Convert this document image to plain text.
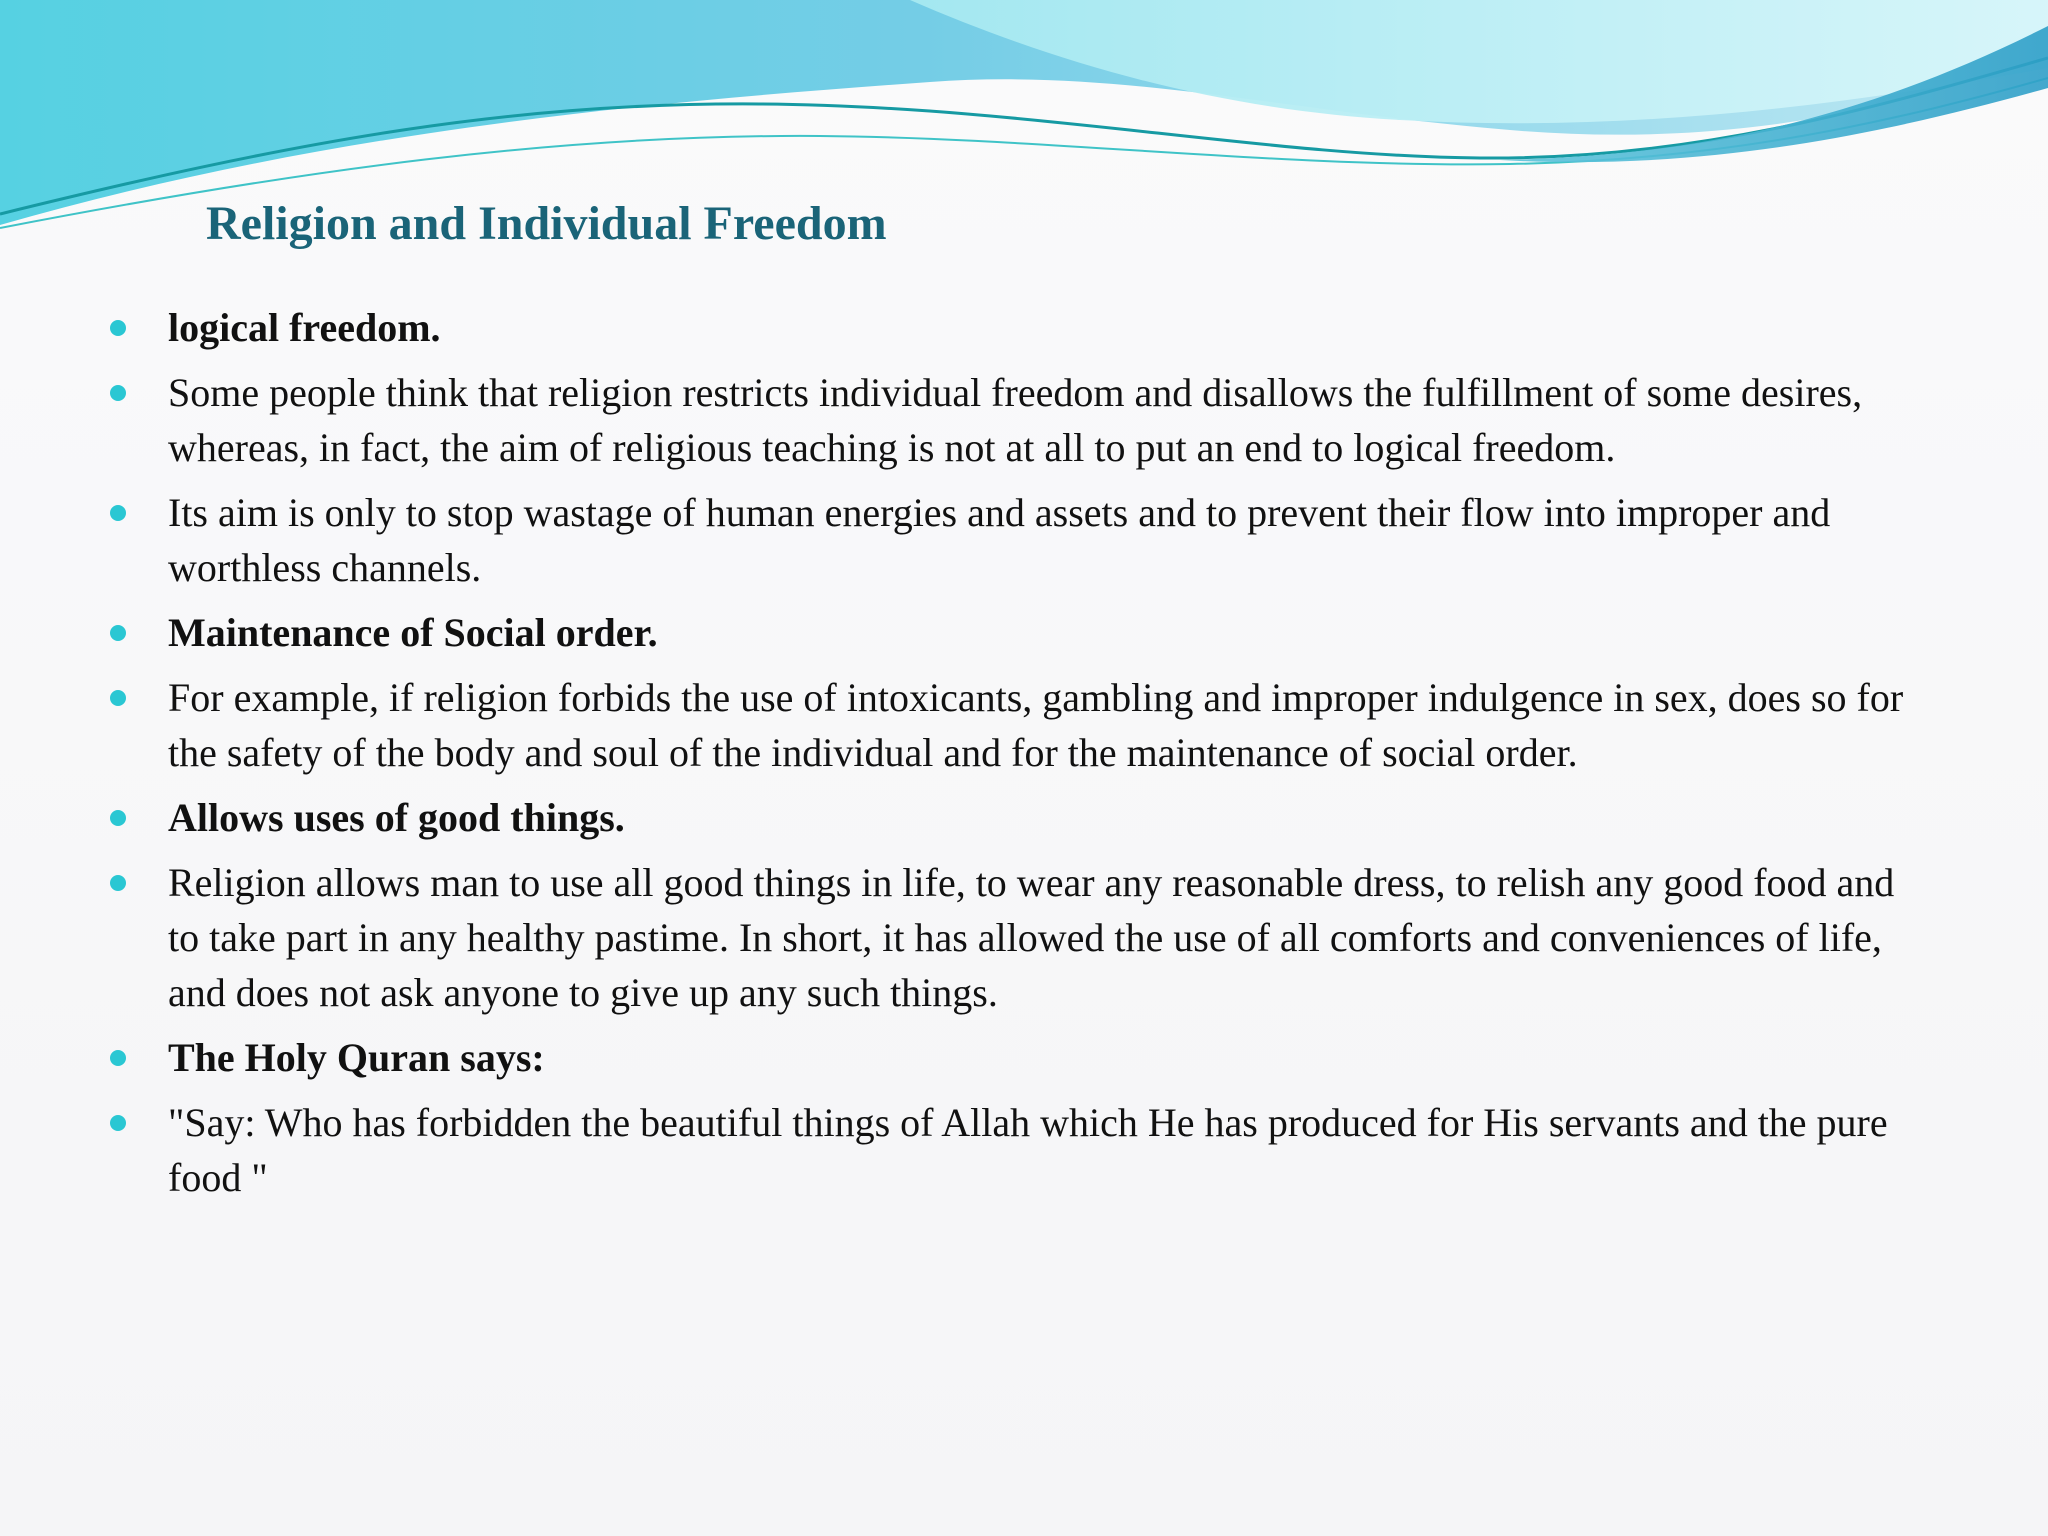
Religion and Individual Freedom
logical freedom.
Some people think that religion restricts individual freedom and disallows the fulfillment of some desires, whereas, in fact, the aim of religious teaching is not at all to put an end to logical freedom.
Its aim is only to stop wastage of human energies and assets and to prevent their flow into improper and worthless channels.
Maintenance of Social order.
For example, if religion forbids the use of intoxicants, gambling and improper indulgence in sex, does so for the safety of the body and soul of the individual and for the maintenance of social order.
Allows uses of good things.
Religion allows man to use all good things in life, to wear any reasonable dress, to relish any good food and to take part in any healthy pastime. In short, it has allowed the use of all comforts and conveniences of life, and does not ask anyone to give up any such things.
The Holy Quran says:
"Say: Who has forbidden the beautiful things of Allah which He has produced for His servants and the pure food "
